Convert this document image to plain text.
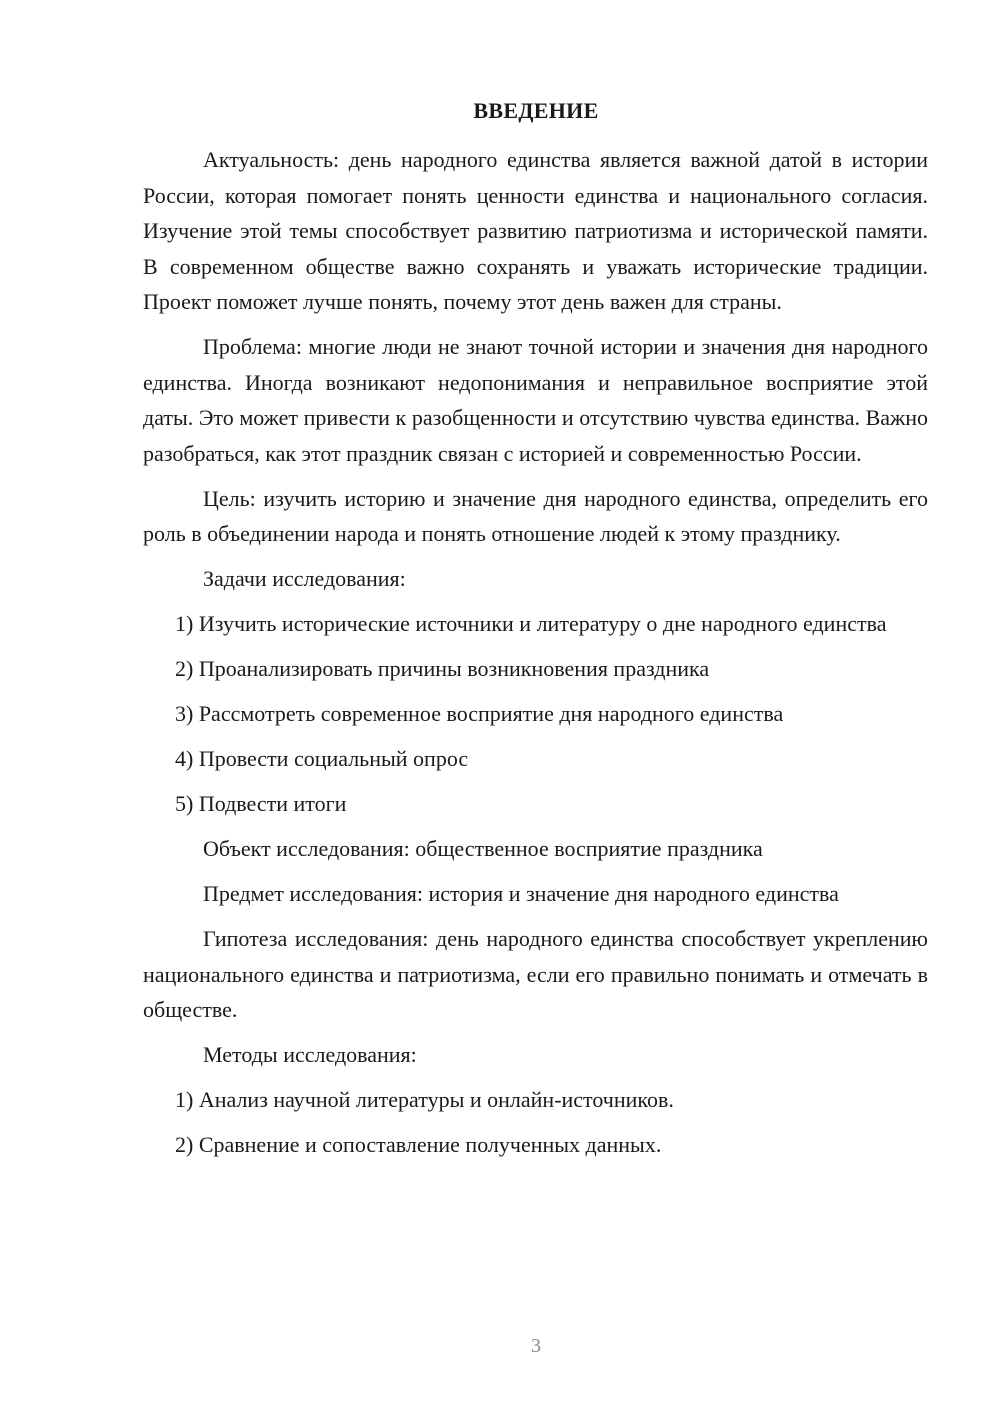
ВВЕДЕНИЕ

Актуальность: день народного единства является важной датой в истории России, которая помогает понять ценности единства и национального согласия. Изучение этой темы способствует развитию патриотизма и исторической памяти. В современном обществе важно сохранять и уважать исторические традиции. Проект поможет лучше понять, почему этот день важен для страны.

Проблема: многие люди не знают точной истории и значения дня народного единства. Иногда возникают недопонимания и неправильное восприятие этой даты. Это может привести к разобщенности и отсутствию чувства единства. Важно разобраться, как этот праздник связан с историей и современностью России.

Цель: изучить историю и значение дня народного единства, определить его роль в объединении народа и понять отношение людей к этому празднику.

Задачи исследования:

1) Изучить исторические источники и литературу о дне народного единства

2) Проанализировать причины возникновения праздника

3) Рассмотреть современное восприятие дня народного единства

4) Провести социальный опрос

5) Подвести итоги

Объект исследования: общественное восприятие праздника

Предмет исследования: история и значение дня народного единства

Гипотеза исследования: день народного единства способствует укреплению национального единства и патриотизма, если его правильно понимать и отмечать в обществе.

Методы исследования:

1) Анализ научной литературы и онлайн-источников.

2) Сравнение и сопоставление полученных данных.

3
